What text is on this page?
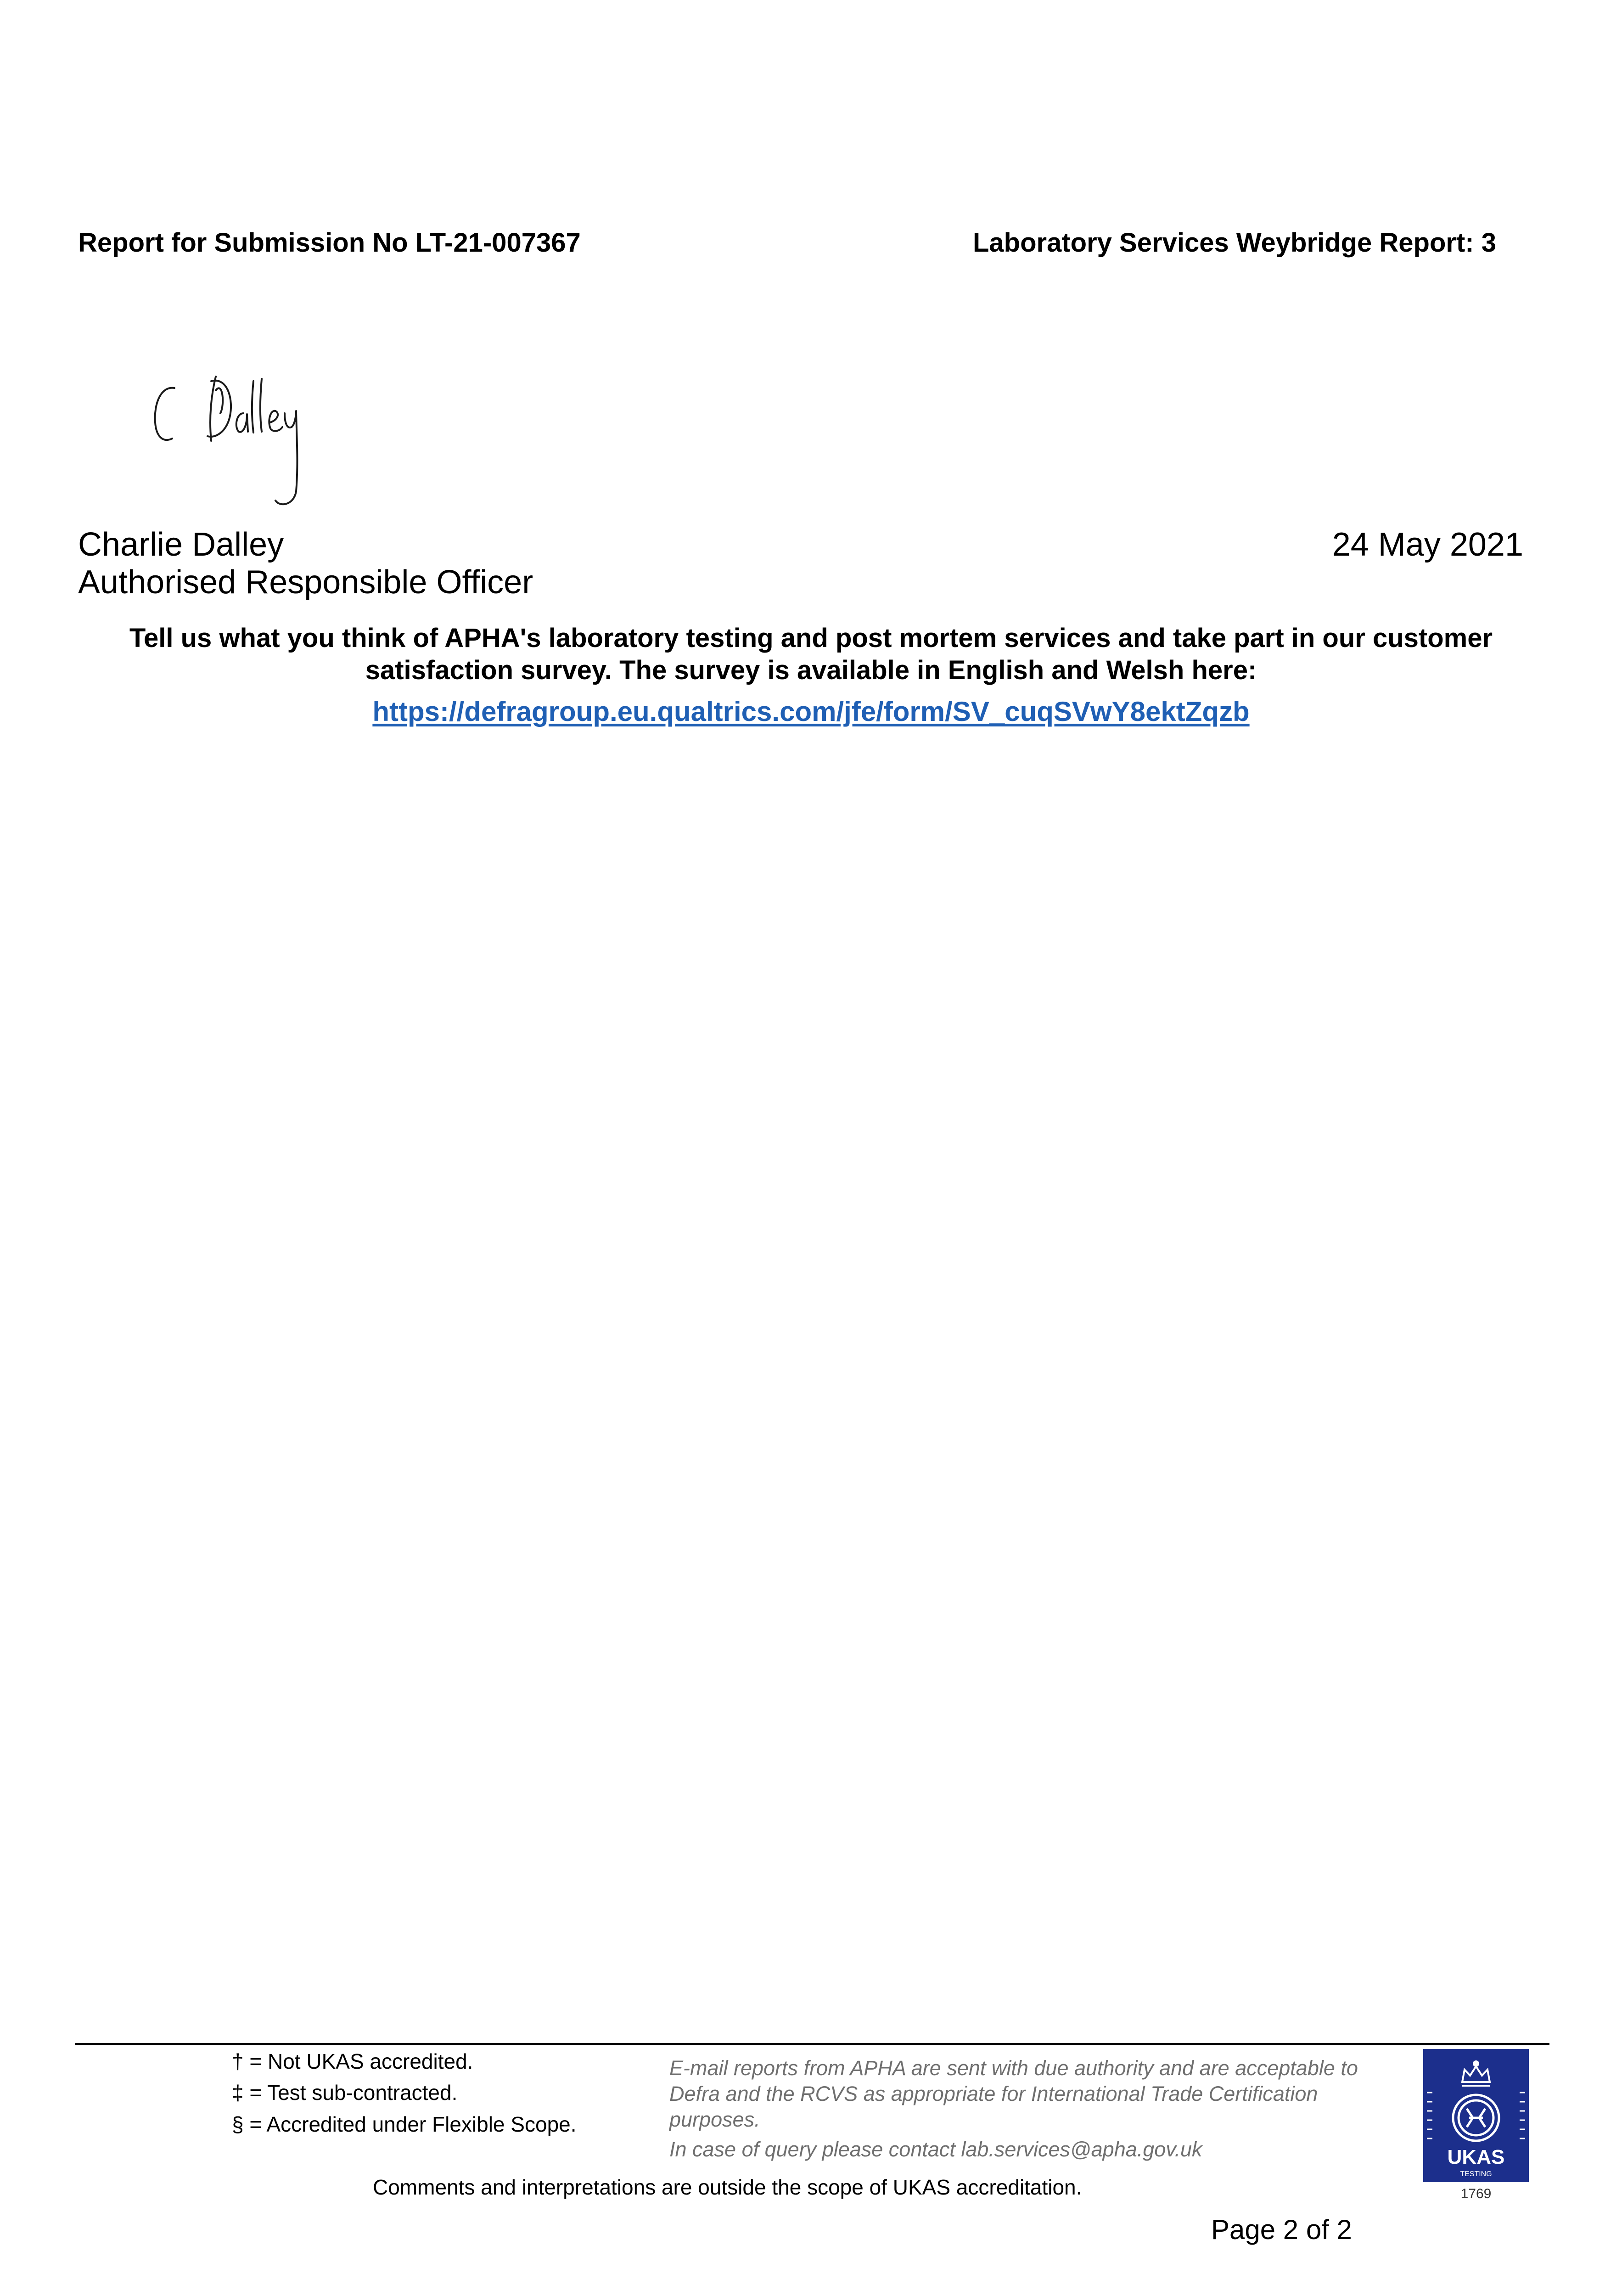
Report for Submission No LT-21-007367	Laboratory Services Weybridge Report: 3
Charlie Dalley
Authorised Responsible Officer
24 May 2021
Tell us what you think of APHA's laboratory testing and post mortem services and take part in our customer satisfaction survey. The survey is available in English and Welsh here:
https://defragroup.eu.qualtrics.com/jfe/form/SV_cuqSVwY8ektZqzb
† = Not UKAS accredited.
‡ = Test sub-contracted.
§ = Accredited under Flexible Scope.
E-mail reports from APHA are sent with due authority and are acceptable to Defra and the RCVS as appropriate for International Trade Certification purposes.
In case of query please contact lab.services@apha.gov.uk
Comments and interpretations are outside the scope of UKAS accreditation.
Page 2 of 2
UKAS
TESTING
1769
